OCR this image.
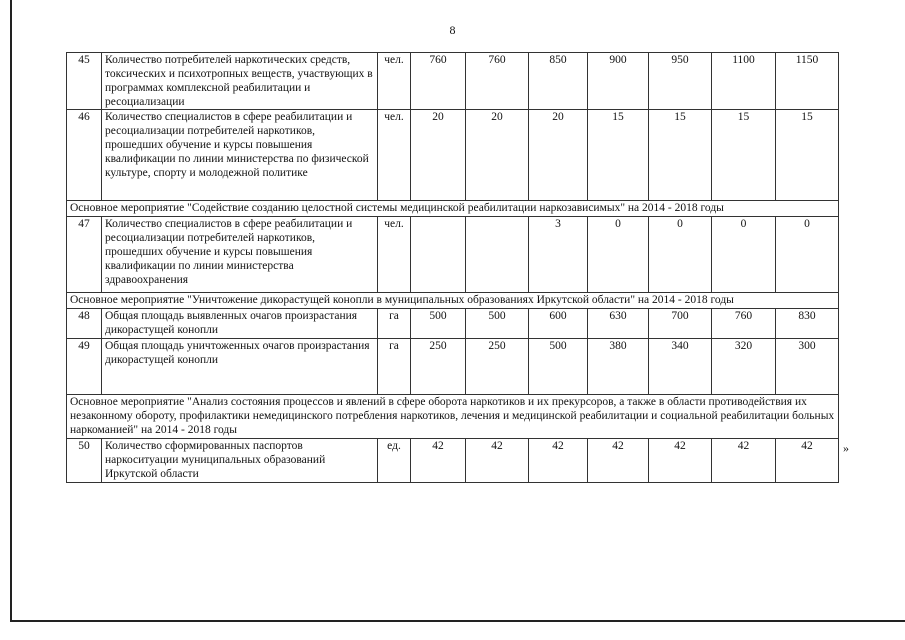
8
45	Количество потребителей наркотических средств, токсических и психотропных веществ, участвующих в программах комплексной реабилитации и ресоциализации	чел.	760	760	850	900	950	1100	1150
46	Количество специалистов в сфере реабилитации и ресоциализации потребителей наркотиков, прошедших обучение и курсы повышения квалификации по линии министерства по физической культуре, спорту и молодежной политике	чел.	20	20	20	15	15	15	15
Основное мероприятие "Содействие созданию целостной системы медицинской реабилитации наркозависимых" на 2014 - 2018 годы									
47	Количество специалистов в сфере реабилитации и ресоциализации потребителей наркотиков, прошедших обучение и курсы повышения квалификации по линии министерства здравоохранения	чел.			3	0	0	0	0
Основное мероприятие "Уничтожение дикорастущей конопли в муниципальных образованиях Иркутской области" на 2014 - 2018 годы									
48	Общая площадь выявленных очагов произрастания дикорастущей конопли	га	500	500	600	630	700	760	830
49	Общая площадь уничтоженных очагов произрастания дикорастущей конопли	га	250	250	500	380	340	320	300
Основное мероприятие "Анализ состояния процессов и явлений в сфере оборота наркотиков и их прекурсоров, а также в области противодействия их незаконному обороту, профилактики немедицинского потребления наркотиков, лечения и медицинской реабилитации и социальной реабилитации больных наркоманией" на 2014 - 2018 годы									
50	Количество сформированных паспортов наркоситуации муниципальных образований Иркутской области	ед.	42	42	42	42	42	42	42	»
